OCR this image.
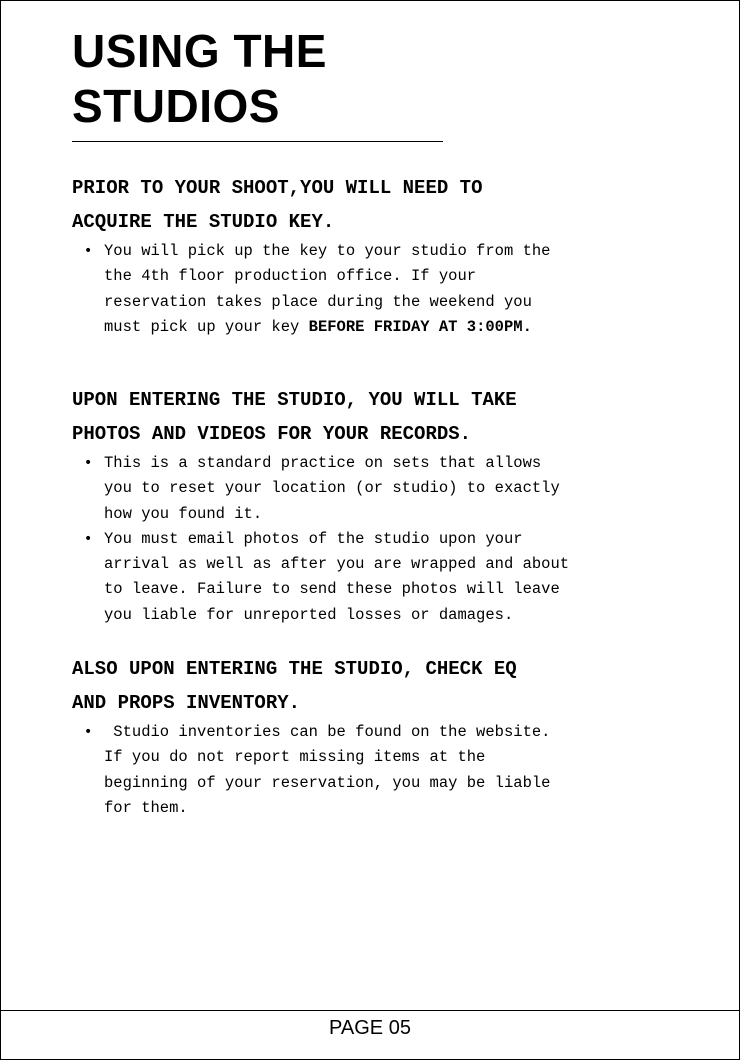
USING THE
STUDIOS
PRIOR TO YOUR SHOOT,YOU WILL NEED TO
ACQUIRE THE STUDIO KEY.
• You will pick up the key to your studio from the
the 4th floor production office. If your
reservation takes place during the weekend you
must pick up your key BEFORE FRIDAY AT 3:00PM.
UPON ENTERING THE STUDIO, YOU WILL TAKE
PHOTOS AND VIDEOS FOR YOUR RECORDS.
• This is a standard practice on sets that allows
you to reset your location (or studio) to exactly
how you found it.
• You must email photos of the studio upon your
arrival as well as after you are wrapped and about
to leave. Failure to send these photos will leave
you liable for unreported losses or damages.
ALSO UPON ENTERING THE STUDIO, CHECK EQ
AND PROPS INVENTORY.
•  Studio inventories can be found on the website.
If you do not report missing items at the
beginning of your reservation, you may be liable
for them.
PAGE 05
